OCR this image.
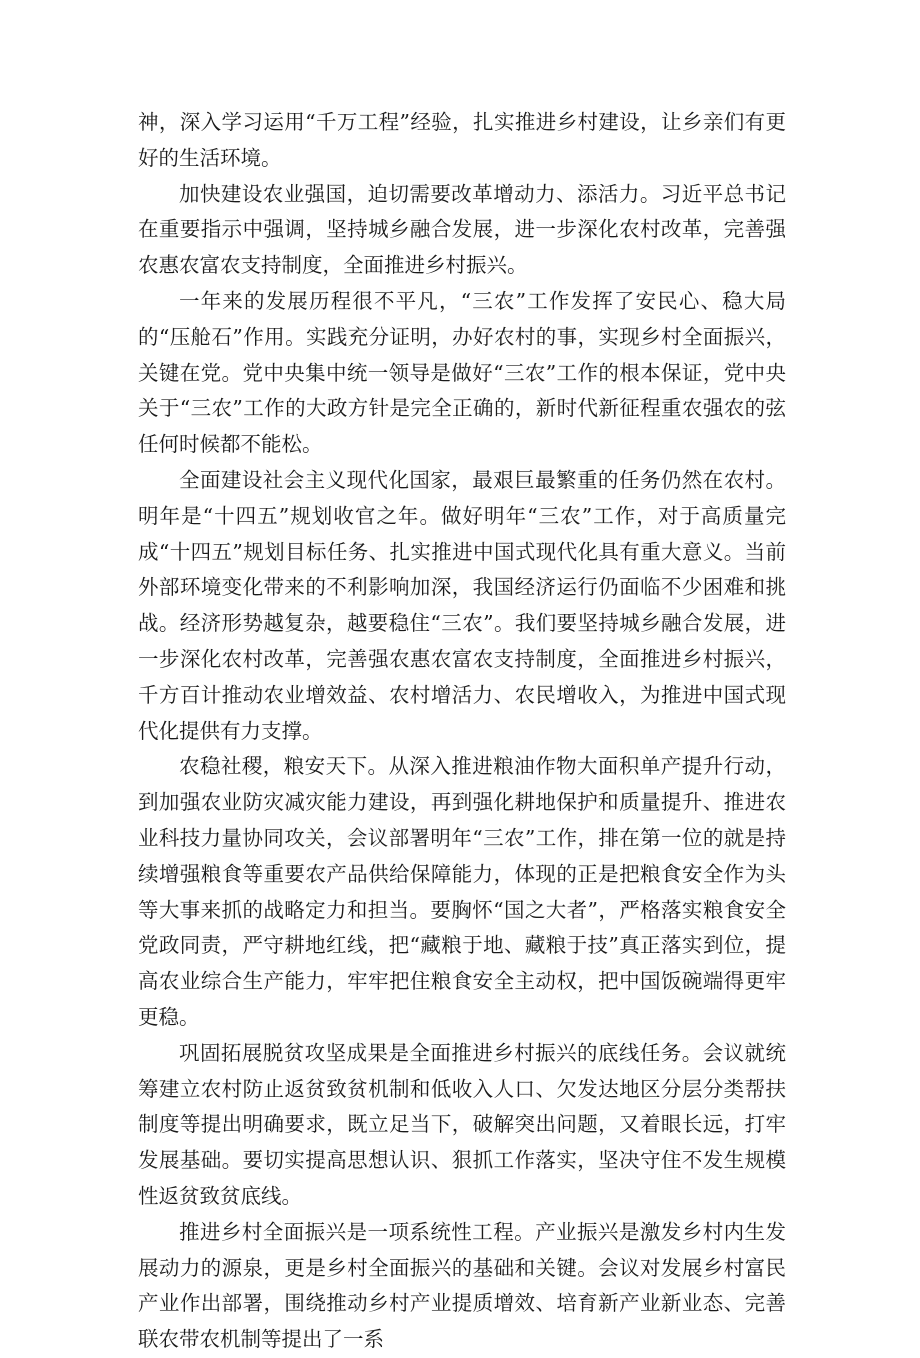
神，深入学习运用“千万工程”经验，扎实推进乡村建设，让乡亲们有更好的生活环境。

加快建设农业强国，迫切需要改革增动力、添活力。习近平总书记在重要指示中强调，坚持城乡融合发展，进一步深化农村改革，完善强农惠农富农支持制度，全面推进乡村振兴。

一年来的发展历程很不平凡，“三农”工作发挥了安民心、稳大局的“压舱石”作用。实践充分证明，办好农村的事，实现乡村全面振兴，关键在党。党中央集中统一领导是做好“三农”工作的根本保证，党中央关于“三农”工作的大政方针是完全正确的，新时代新征程重农强农的弦任何时候都不能松。

全面建设社会主义现代化国家，最艰巨最繁重的任务仍然在农村。明年是“十四五”规划收官之年。做好明年“三农”工作，对于高质量完成“十四五”规划目标任务、扎实推进中国式现代化具有重大意义。当前外部环境变化带来的不利影响加深，我国经济运行仍面临不少困难和挑战。经济形势越复杂，越要稳住“三农”。我们要坚持城乡融合发展，进一步深化农村改革，完善强农惠农富农支持制度，全面推进乡村振兴，千方百计推动农业增效益、农村增活力、农民增收入，为推进中国式现代化提供有力支撑。

农稳社稷，粮安天下。从深入推进粮油作物大面积单产提升行动，到加强农业防灾减灾能力建设，再到强化耕地保护和质量提升、推进农业科技力量协同攻关，会议部署明年“三农”工作，排在第一位的就是持续增强粮食等重要农产品供给保障能力，体现的正是把粮食安全作为头等大事来抓的战略定力和担当。要胸怀“国之大者”，严格落实粮食安全党政同责，严守耕地红线，把“藏粮于地、藏粮于技”真正落实到位，提高农业综合生产能力，牢牢把住粮食安全主动权，把中国饭碗端得更牢更稳。

巩固拓展脱贫攻坚成果是全面推进乡村振兴的底线任务。会议就统筹建立农村防止返贫致贫机制和低收入人口、欠发达地区分层分类帮扶制度等提出明确要求，既立足当下，破解突出问题，又着眼长远，打牢发展基础。要切实提高思想认识、狠抓工作落实，坚决守住不发生规模性返贫致贫底线。

推进乡村全面振兴是一项系统性工程。产业振兴是激发乡村内生发展动力的源泉，更是乡村全面振兴的基础和关键。会议对发展乡村富民产业作出部署，围绕推动乡村产业提质增效、培育新产业新业态、完善联农带农机制等提出了一系
